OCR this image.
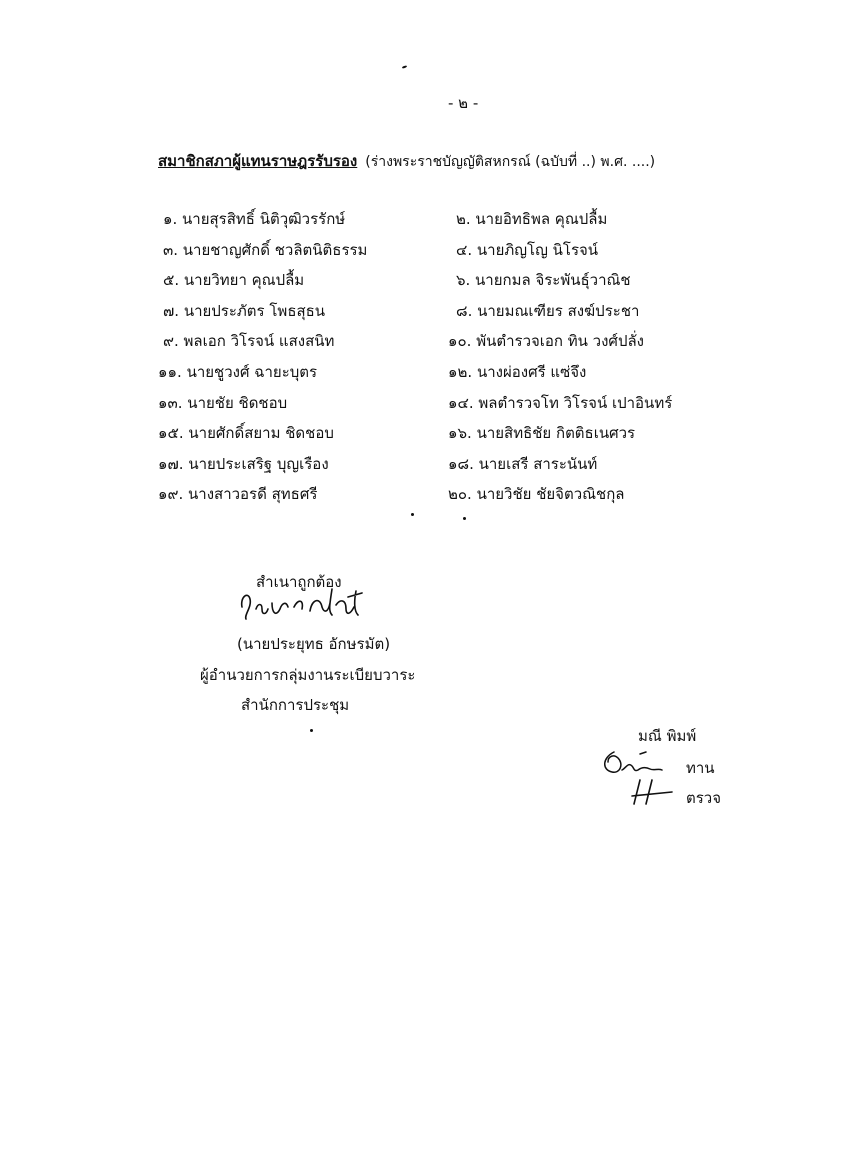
- ๒ -
สมาชิกสภาผู้แทนราษฎรรับรอง (ร่างพระราชบัญญัติสหกรณ์ (ฉบับที่ ..) พ.ศ. ....)
๑. นายสุรสิทธิ์ นิติวุฒิวรรักษ์
๓. นายชาญศักดิ์ ชวลิตนิติธรรม
๕. นายวิทยา คุณปลื้ม
๗. นายประภัตร โพธสุธน
๙. พลเอก วิโรจน์ แสงสนิท
๑๑. นายชูวงศ์ ฉายะบุตร
๑๓. นายชัย ชิดชอบ
๑๕. นายศักดิ์สยาม ชิดชอบ
๑๗. นายประเสริฐ บุญเรือง
๑๙. นางสาวอรดี สุทธศรี
๒. นายอิทธิพล คุณปลื้ม
๔. นายภิญโญ นิโรจน์
๖. นายกมล จิระพันธุ์วาณิช
๘. นายมณเฑียร สงฆ์ประชา
๑๐. พันตำรวจเอก ทิน วงศ์ปลั่ง
๑๒. นางผ่องศรี แซ่จึง
๑๔. พลตำรวจโท วิโรจน์ เปาอินทร์
๑๖. นายสิทธิชัย กิตติธเนศวร
๑๘. นายเสรี สาระนันท์
๒๐. นายวิชัย ชัยจิตวณิชกุล
สำเนาถูกต้อง
(นายประยุทธ อักษรมัต)
ผู้อำนวยการกลุ่มงานระเบียบวาระ
สำนักการประชุม
มณี พิมพ์
ทาน
ตรวจ
